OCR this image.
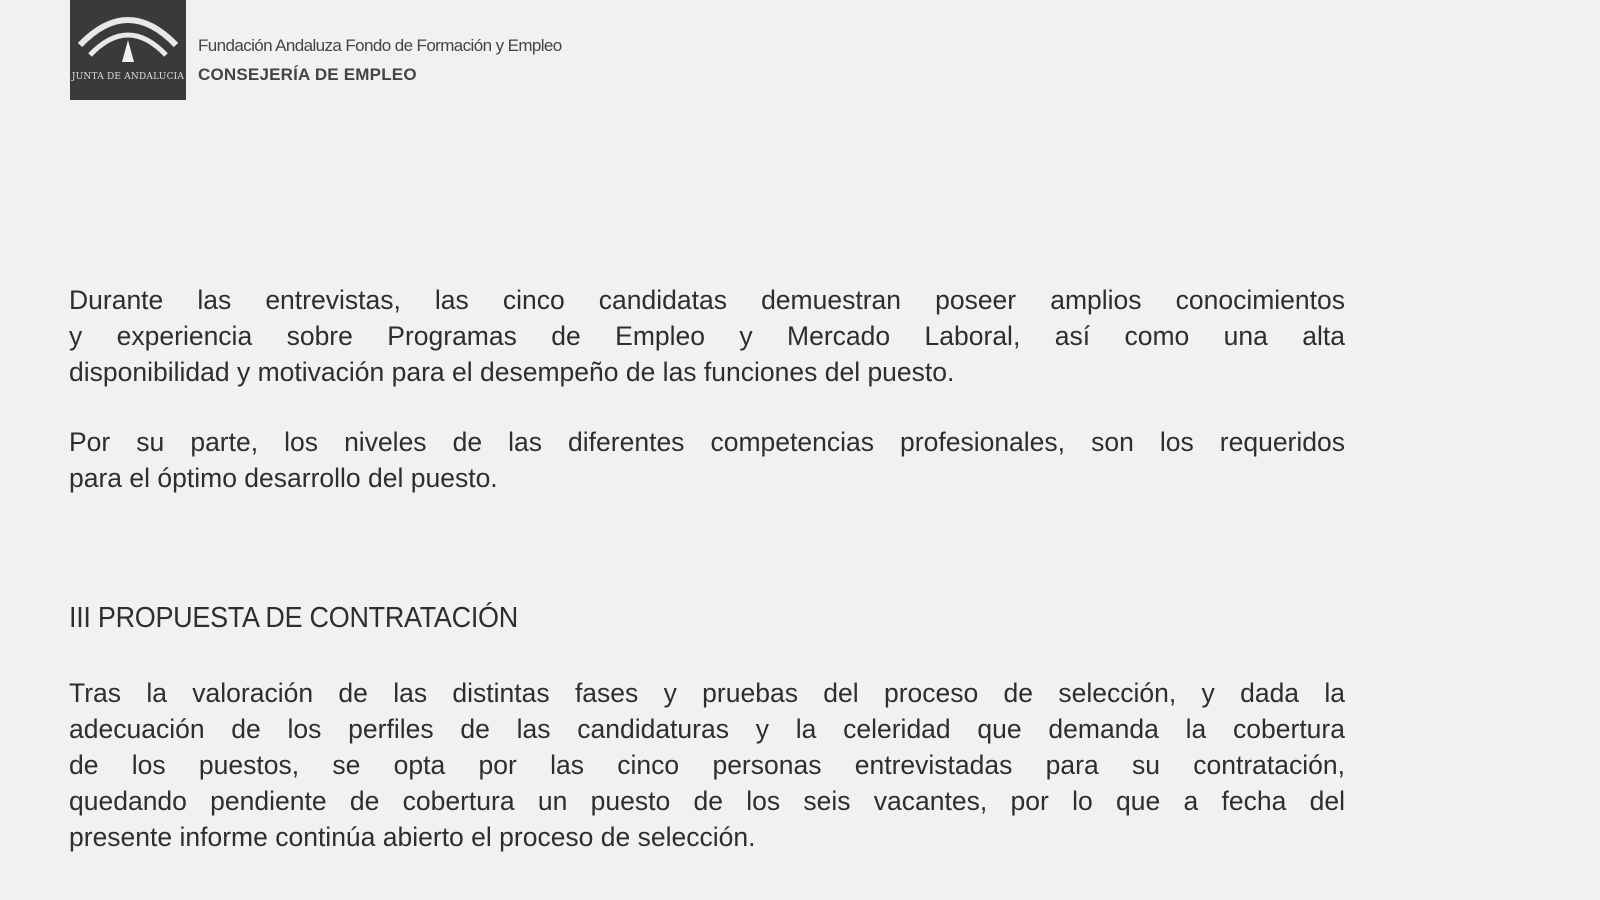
JUNTA DE ANDALUCIA
Fundación Andaluza Fondo de Formación y Empleo
CONSEJERÍA DE EMPLEO
Durante las entrevistas, las cinco candidatas demuestran poseer amplios conocimientos
y experiencia sobre Programas de Empleo y Mercado Laboral, así como una alta
disponibilidad y motivación para el desempeño de las funciones del puesto.
Por su parte, los niveles de las diferentes competencias profesionales, son los requeridos
para el óptimo desarrollo del puesto.
III PROPUESTA DE CONTRATACIÓN
Tras la valoración de las distintas fases y pruebas del proceso de selección, y dada la
adecuación de los perfiles de las candidaturas y la celeridad que demanda la cobertura
de los puestos, se opta por las cinco personas entrevistadas para su contratación,
quedando pendiente de cobertura un puesto de los seis vacantes, por lo que a fecha del
presente informe continúa abierto el proceso de selección.
